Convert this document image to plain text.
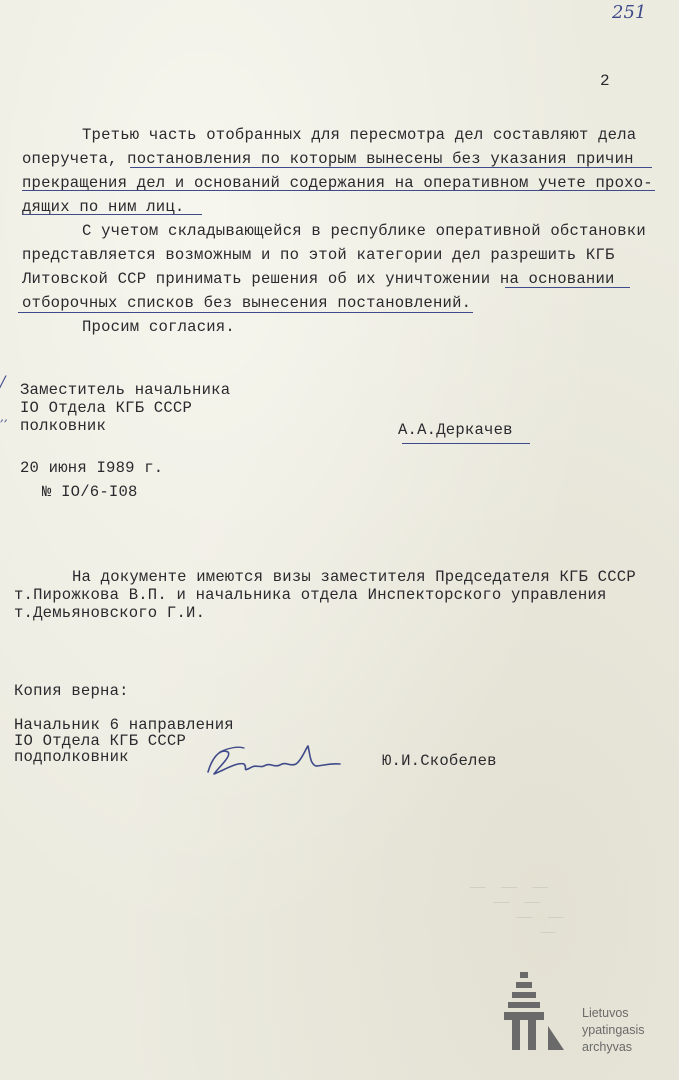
251
2
Третью часть отобранных для пересмотра дел составляют дела
оперучета, постановления по которым вынесены без указания причин
прекращения дел и оснований содержания на оперативном учете прохо-
дящих по ним лиц.
С учетом складывающейся в республике оперативной обстановки
представляется возможным и по этой категории дел разрешить КГБ
Литовской ССР принимать решения об их уничтожении на основании
отборочных списков без вынесения постановлений.
Просим согласия.
/
,,
Заместитель начальника
IO Отдела КГБ СССР
полковник	А.А.Деркачев
20 июня I989 г.
№ IO/6-I08
На документе имеются визы заместителя Председателя КГБ СССР
т.Пирожкова В.П. и начальника отдела Инспекторского управления
т.Демьяновского Г.И.
Копия верна:
Начальник 6 направления
IO Отдела КГБ СССР
подполковник	Ю.И.Скобелев
——  ——  ——
——  ——
——  ——
——
Lietuvos
ypatingasis
archyvas
